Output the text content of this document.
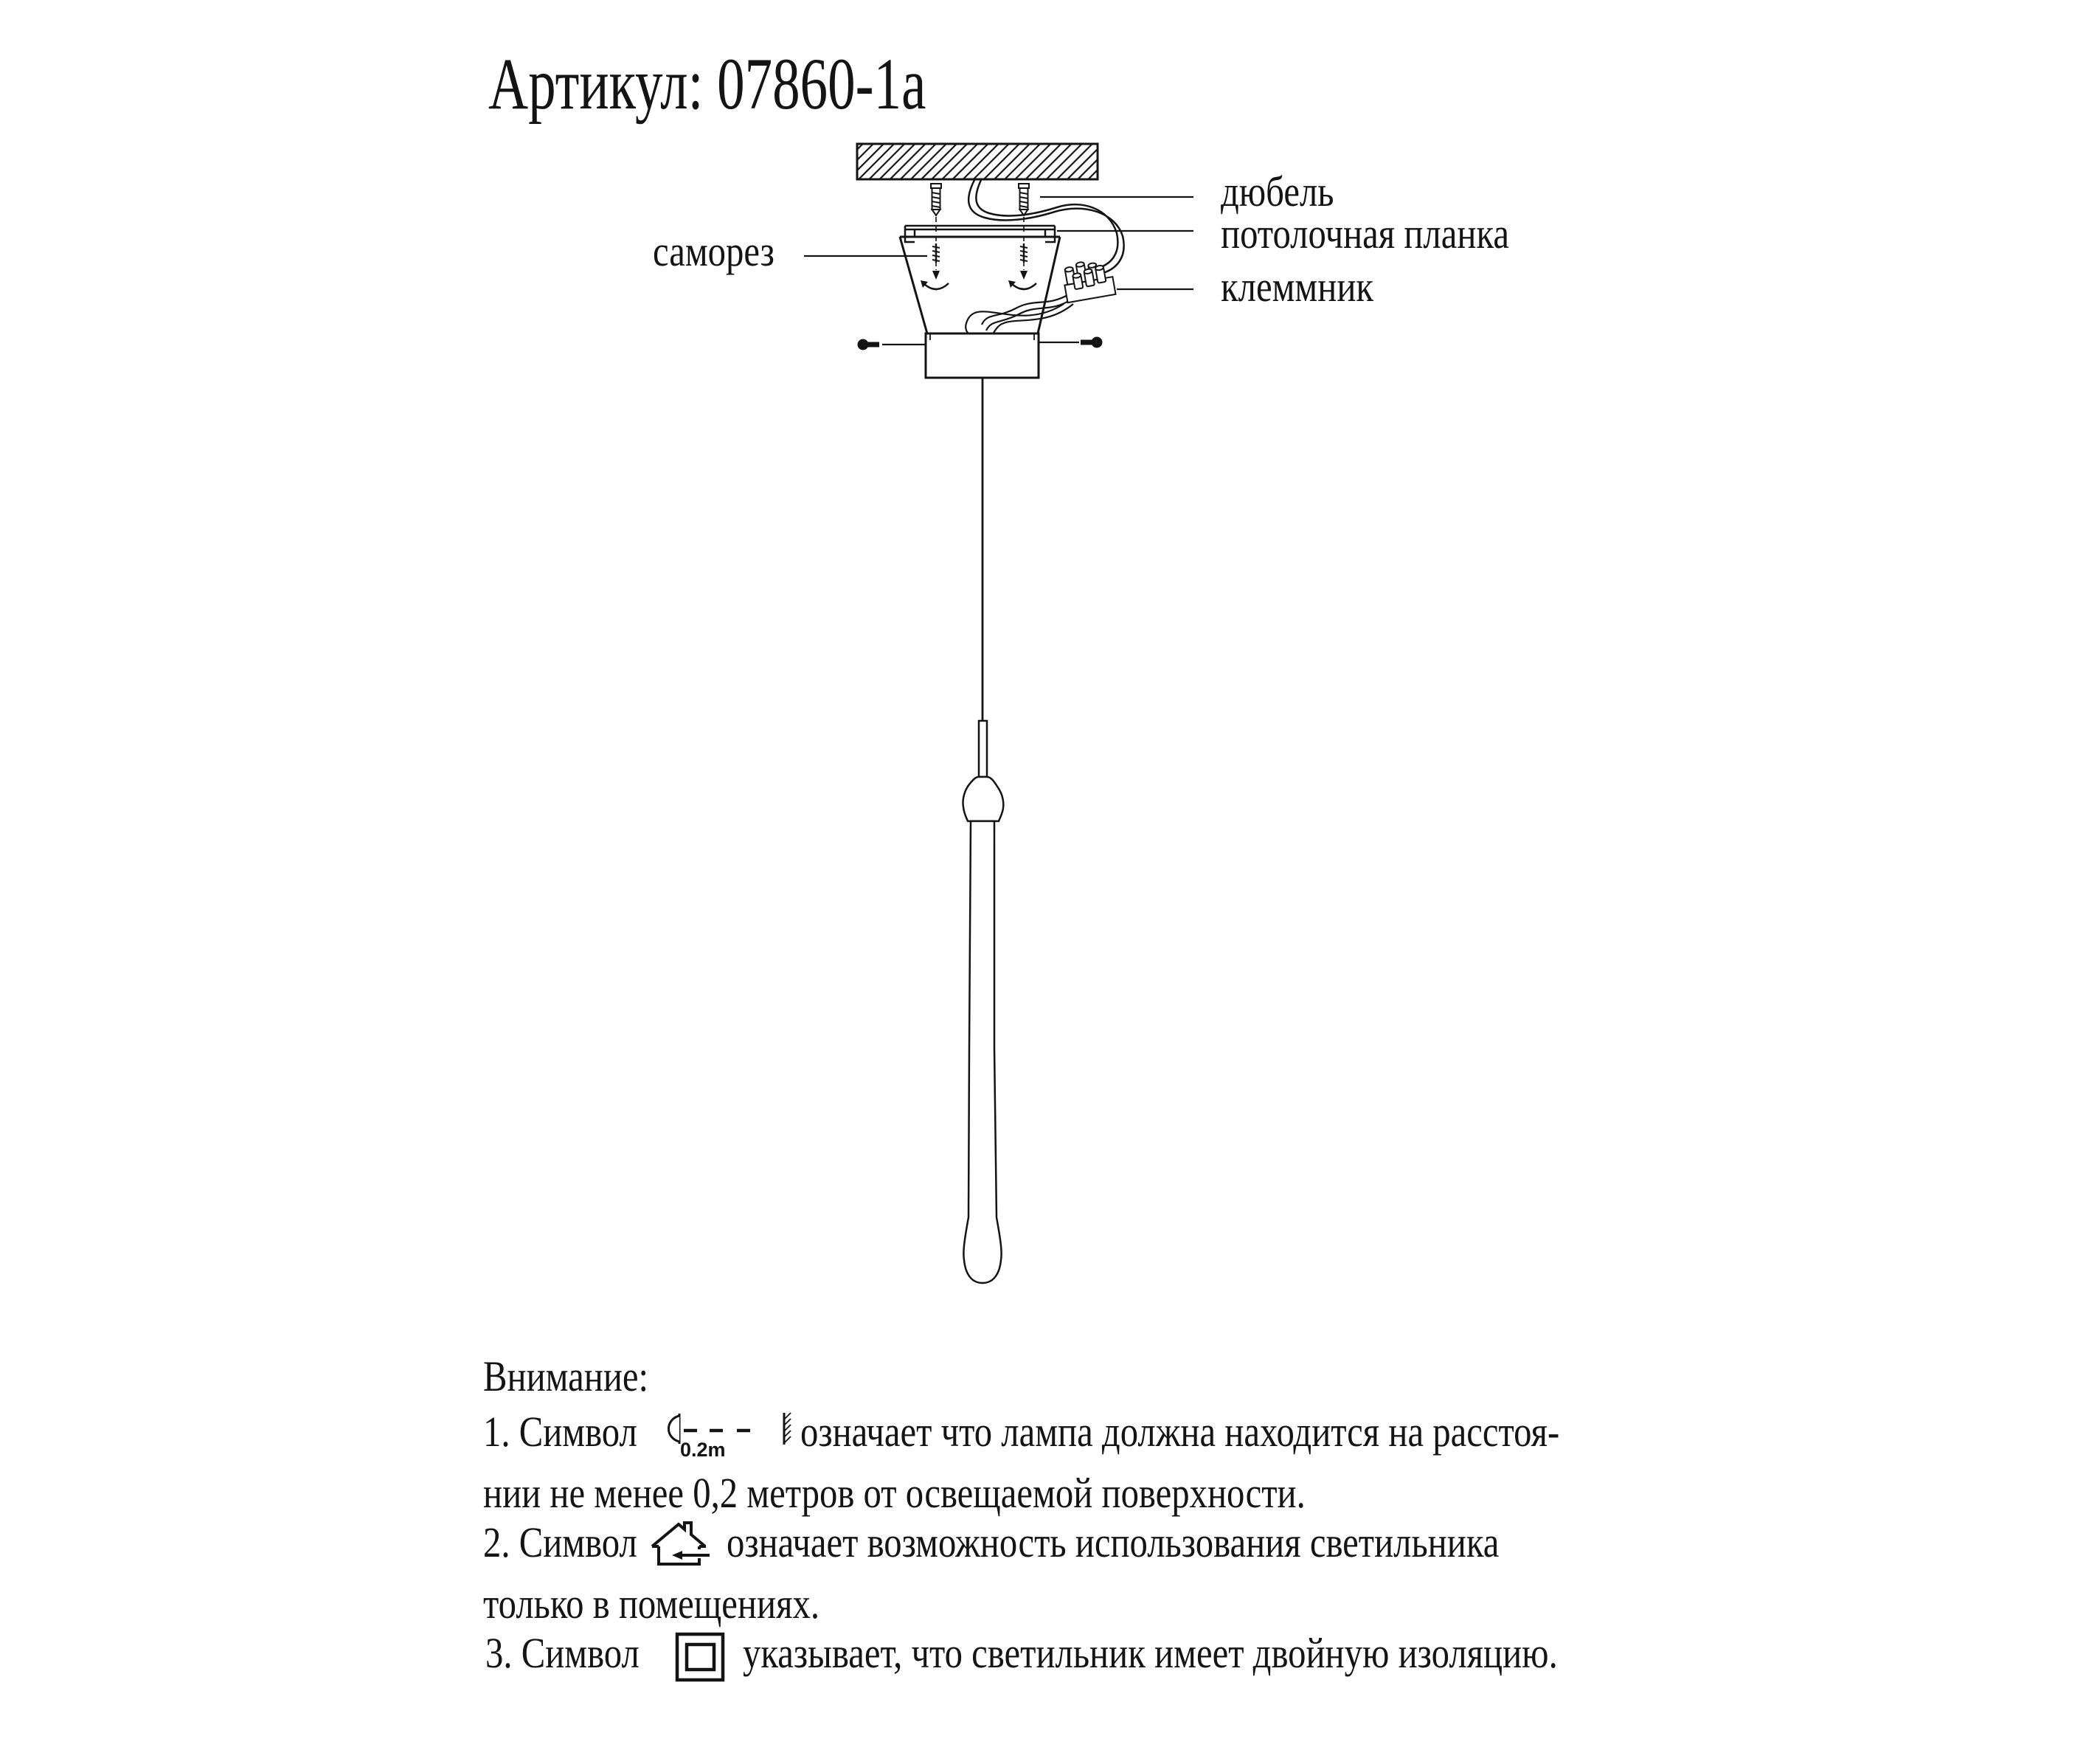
Артикул: 07860-1a
саморез
дюбель
потолочная планка
клеммник
Внимание:
1. Символ 0.2m означает что лампа должна находится на расстоя-
нии не менее 0,2 метров от освещаемой поверхности.
2. Символ означает возможность использования светильника
только в помещениях.
3. Символ указывает, что светильник имеет двойную изоляцию.
